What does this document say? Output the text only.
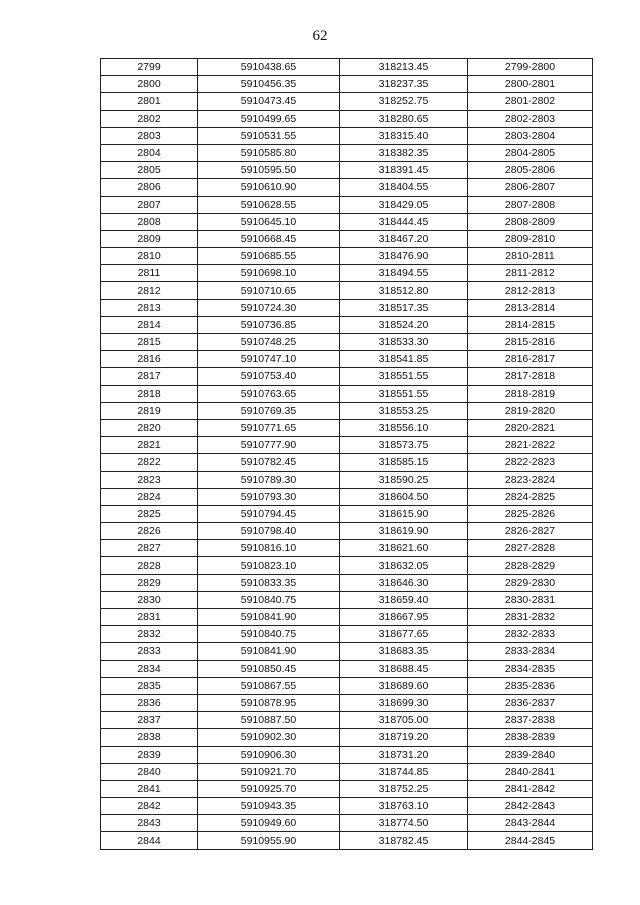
62
2799	5910438.65	318213.45	2799-2800
2800	5910456.35	318237.35	2800-2801
2801	5910473.45	318252.75	2801-2802
2802	5910499.65	318280.65	2802-2803
2803	5910531.55	318315.40	2803-2804
2804	5910585.80	318382.35	2804-2805
2805	5910595.50	318391.45	2805-2806
2806	5910610.90	318404.55	2806-2807
2807	5910628.55	318429.05	2807-2808
2808	5910645.10	318444.45	2808-2809
2809	5910668.45	318467.20	2809-2810
2810	5910685.55	318476.90	2810-2811
2811	5910698.10	318494.55	2811-2812
2812	5910710.65	318512.80	2812-2813
2813	5910724.30	318517.35	2813-2814
2814	5910736.85	318524.20	2814-2815
2815	5910748.25	318533.30	2815-2816
2816	5910747.10	318541.85	2816-2817
2817	5910753.40	318551.55	2817-2818
2818	5910763.65	318551.55	2818-2819
2819	5910769.35	318553.25	2819-2820
2820	5910771.65	318556.10	2820-2821
2821	5910777.90	318573.75	2821-2822
2822	5910782.45	318585.15	2822-2823
2823	5910789.30	318590.25	2823-2824
2824	5910793.30	318604.50	2824-2825
2825	5910794.45	318615.90	2825-2826
2826	5910798.40	318619.90	2826-2827
2827	5910816.10	318621.60	2827-2828
2828	5910823.10	318632.05	2828-2829
2829	5910833.35	318646.30	2829-2830
2830	5910840.75	318659.40	2830-2831
2831	5910841.90	318667.95	2831-2832
2832	5910840.75	318677.65	2832-2833
2833	5910841.90	318683.35	2833-2834
2834	5910850.45	318688.45	2834-2835
2835	5910867.55	318689.60	2835-2836
2836	5910878.95	318699.30	2836-2837
2837	5910887.50	318705.00	2837-2838
2838	5910902.30	318719.20	2838-2839
2839	5910906.30	318731.20	2839-2840
2840	5910921.70	318744.85	2840-2841
2841	5910925.70	318752.25	2841-2842
2842	5910943.35	318763.10	2842-2843
2843	5910949.60	318774.50	2843-2844
2844	5910955.90	318782.45	2844-2845
